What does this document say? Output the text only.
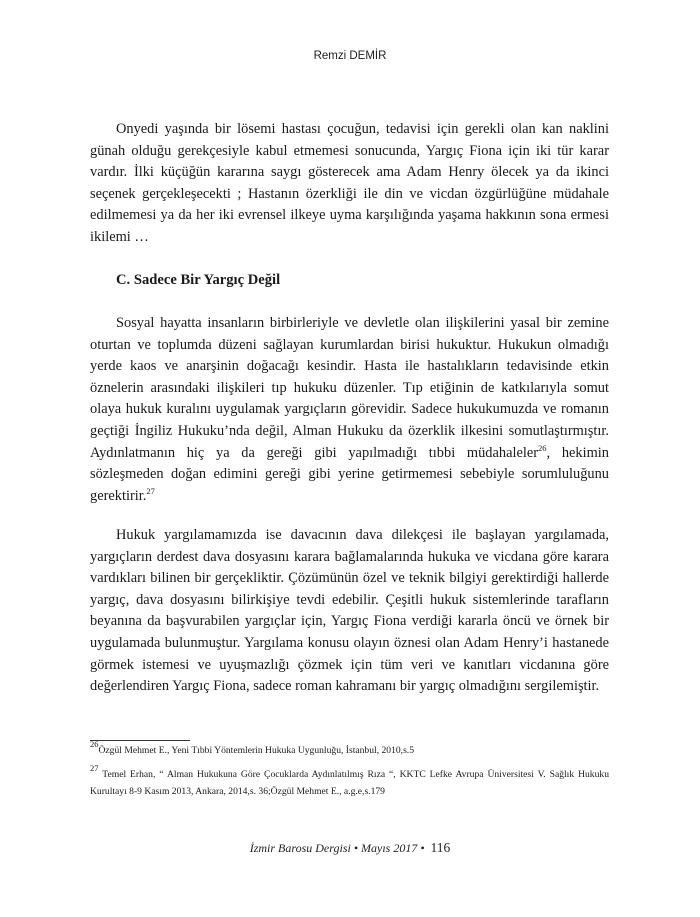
Remzi DEMİR

Onyedi yaşında bir lösemi hastası çocuğun, tedavisi için gerekli olan kan naklini günah olduğu gerekçesiyle kabul etmemesi sonucunda, Yargıç Fiona için iki tür karar vardır. İlki küçüğün kararına saygı gösterecek ama Adam Henry ölecek ya da ikinci seçenek gerçekleşecekti ; Hastanın özerkliği ile din ve vicdan özgürlüğüne müdahale edilmemesi ya da her iki evrensel ilkeye uyma karşılığında yaşama hakkının sona ermesi ikilemi …

C. Sadece Bir Yargıç Değil

Sosyal hayatta insanların birbirleriyle ve devletle olan ilişkilerini yasal bir zemine oturtan ve toplumda düzeni sağlayan kurumlardan birisi hukuktur. Hukukun olmadığı yerde kaos ve anarşinin doğacağı kesindir. Hasta ile hastalıkların tedavisinde etkin öznelerin arasındaki ilişkileri tıp hukuku düzenler. Tıp etiğinin de katkılarıyla somut olaya hukuk kuralını uygulamak yargıçların görevidir. Sadece hukukumuzda ve romanın geçtiği İngiliz Hukuku’nda değil, Alman Hukuku da özerklik ilkesini somutlaştırmıştır. Aydınlatmanın hiç ya da gereği gibi yapılmadığı tıbbi müdahaleler$^{26}$, hekimin sözleşmeden doğan edimini gereği gibi yerine getirmemesi sebebiyle sorumluluğunu gerektirir.$^{27}$

Hukuk yargılamamızda ise davacının dava dilekçesi ile başlayan yargılamada, yargıçların derdest dava dosyasını karara bağlamalarında hukuka ve vicdana göre karara vardıkları bilinen bir gerçekliktir. Çözümünün özel ve teknik bilgiyi gerektirdiği hallerde yargıç, dava dosyasını bilirkişiye tevdi edebilir. Çeşitli hukuk sistemlerinde tarafların beyanına da başvurabilen yargıçlar için, Yargıç Fiona verdiği kararla öncü ve örnek bir uygulamada bulunmuştur. Yargılama konusu olayın öznesi olan Adam Henry’i hastanede görmek istemesi ve uyuşmazlığı çözmek için tüm veri ve kanıtları vicdanına göre değerlendiren Yargıç Fiona, sadece roman kahramanı bir yargıç olmadığını sergilemiştir.

$^{26}$Özgül Mehmet E., Yeni Tıbbi Yöntemlerin Hukuka Uygunluğu, İstanbul, 2010,s.5

$^{27}$ Temel Erhan, “ Alman Hukukuna Göre Çocuklarda Aydınlatılmış Rıza “, KKTC Lefke Avrupa Üniversitesi V. Sağlık Hukuku Kurultayı 8-9 Kasım 2013, Ankara, 2014,s. 36;Özgül Mehmet E., a.g.e,s.179

İzmir Barosu Dergisi • Mayıs 2017 • 116
